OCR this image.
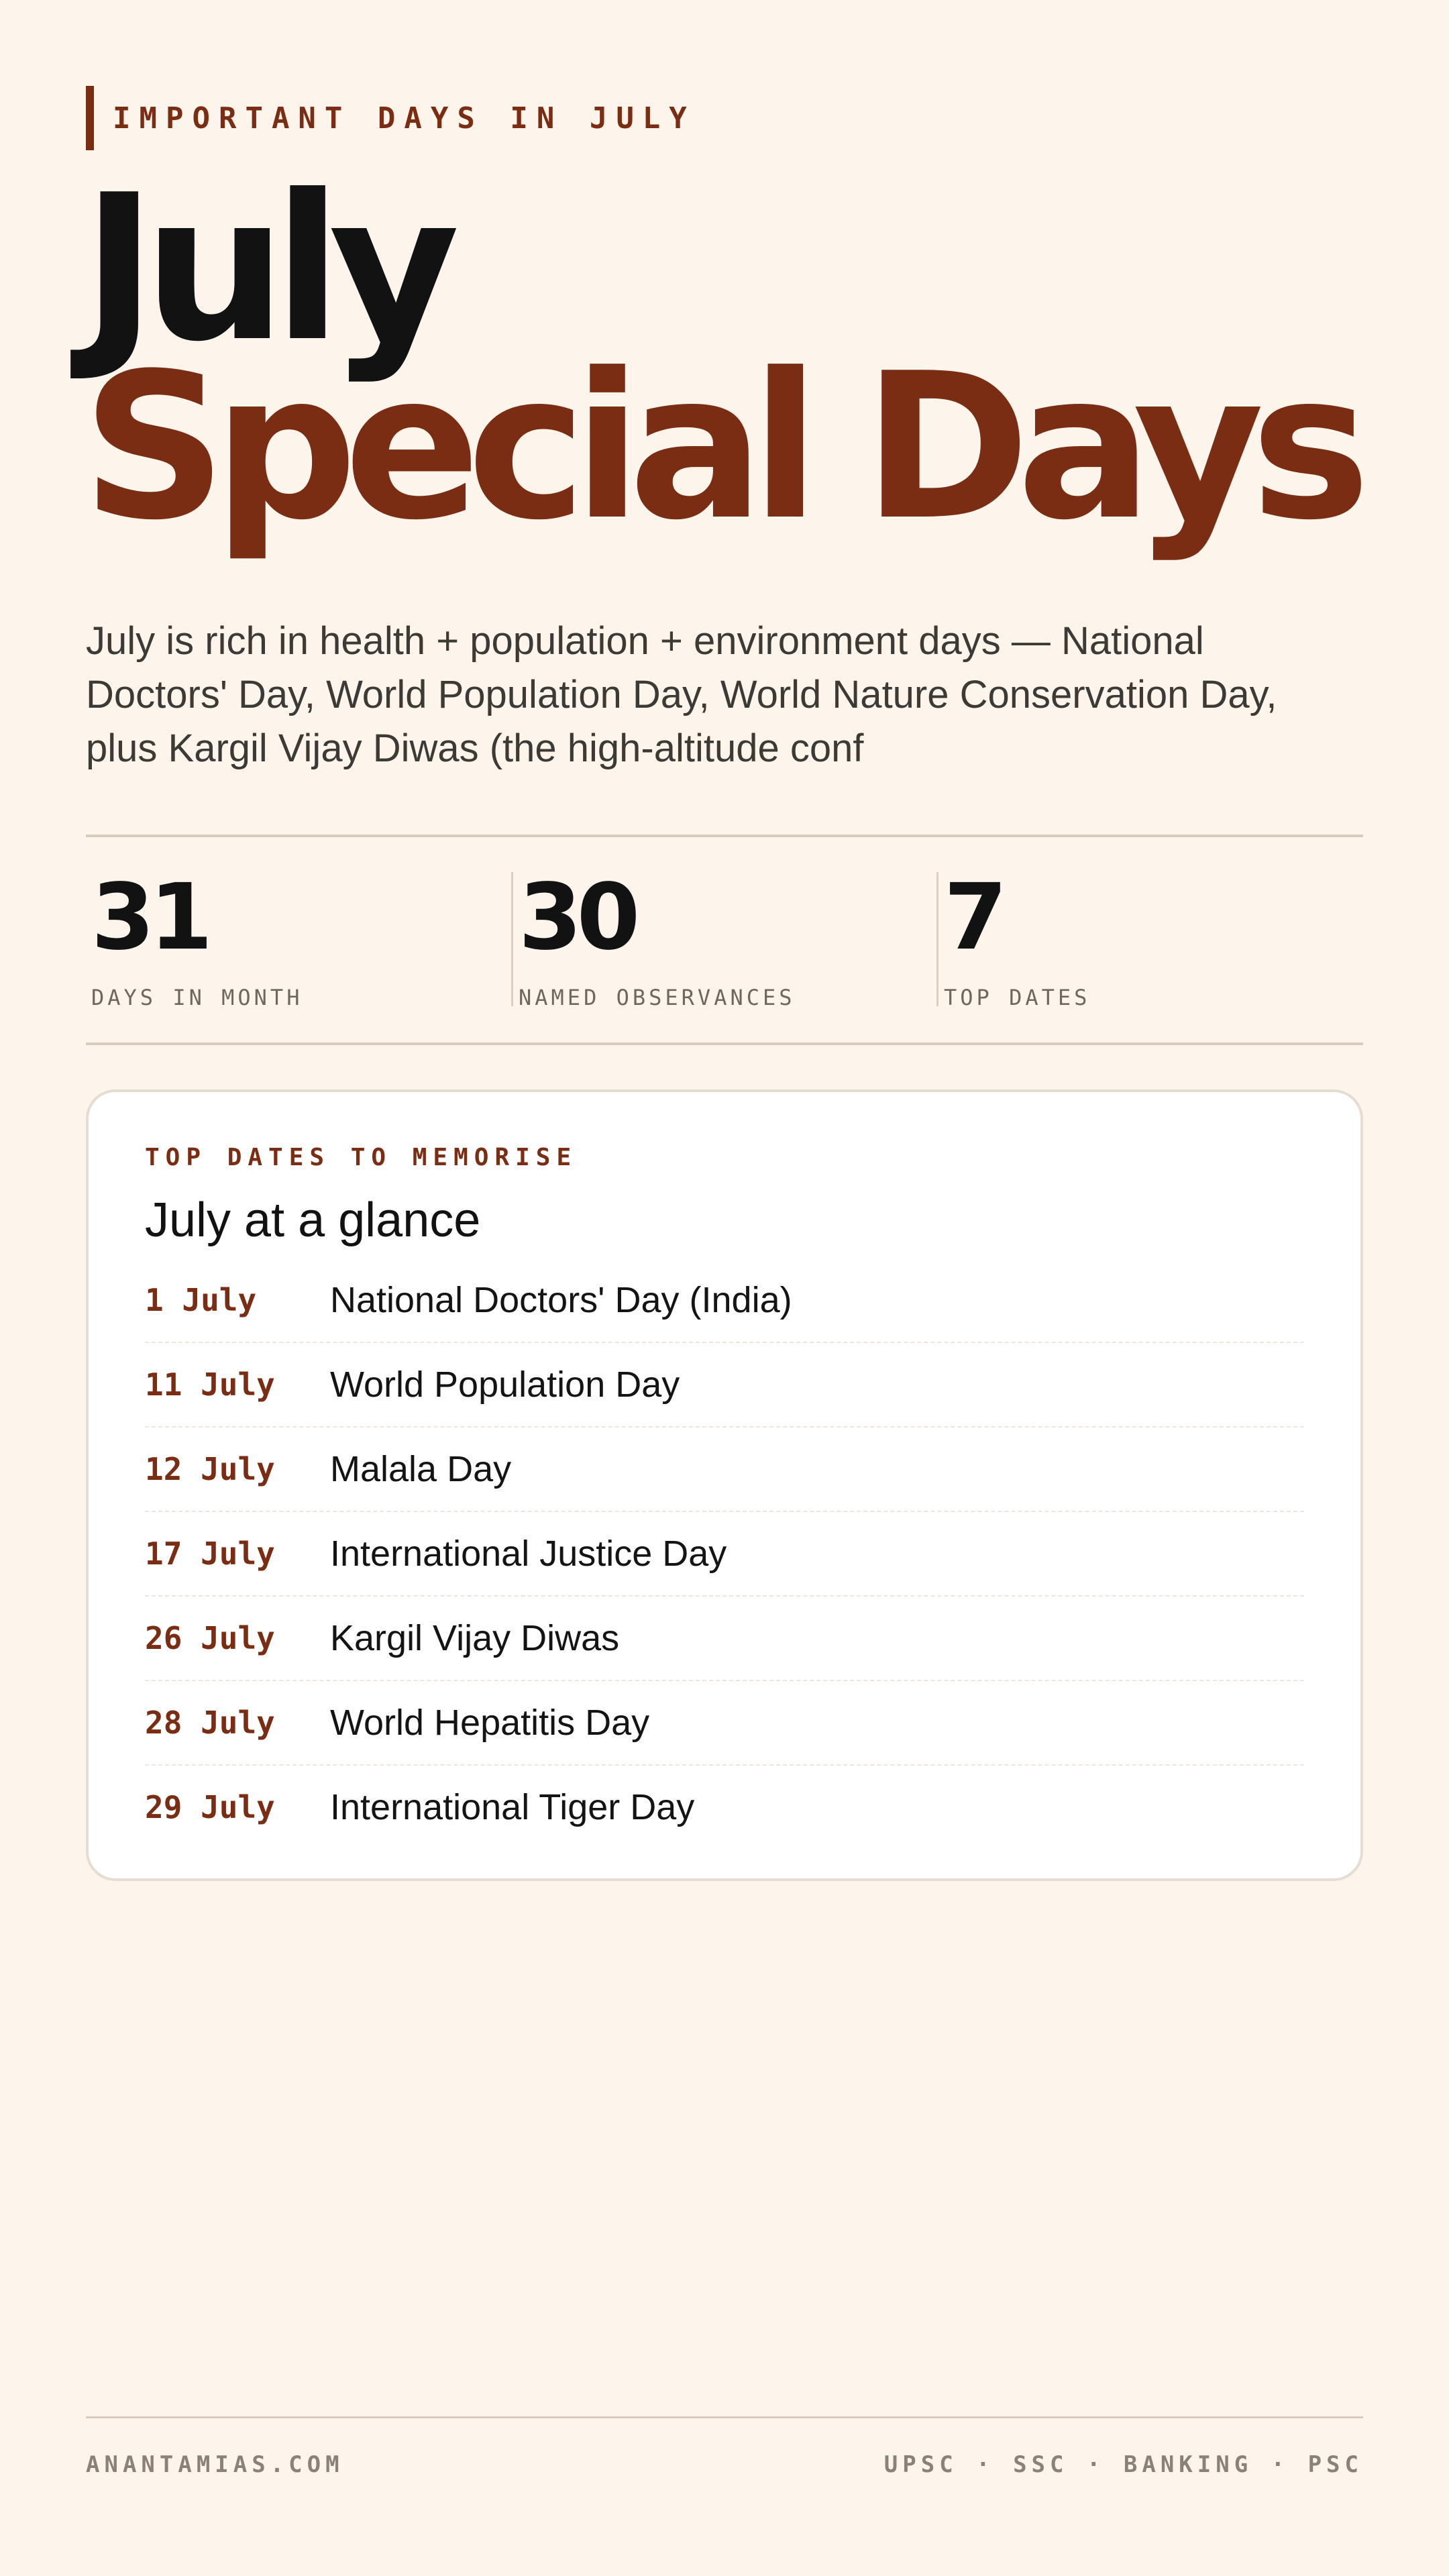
IMPORTANT DAYS IN JULY
July
Special Days

July is rich in health + population + environment days — National Doctors' Day, World Population Day, World Nature Conservation Day, plus Kargil Vijay Diwas (the high-altitude conf

31
DAYS IN MONTH
30
NAMED OBSERVANCES
7
TOP DATES
TOP DATES TO MEMORISE
July at a glance
1 July	National Doctors' Day (India)
11 July	World Population Day
12 July	Malala Day
17 July	International Justice Day
26 July	Kargil Vijay Diwas
28 July	World Hepatitis Day
29 July	International Tiger Day
ANANTAMIAS.COM	UPSC · SSC · BANKING · PSC
